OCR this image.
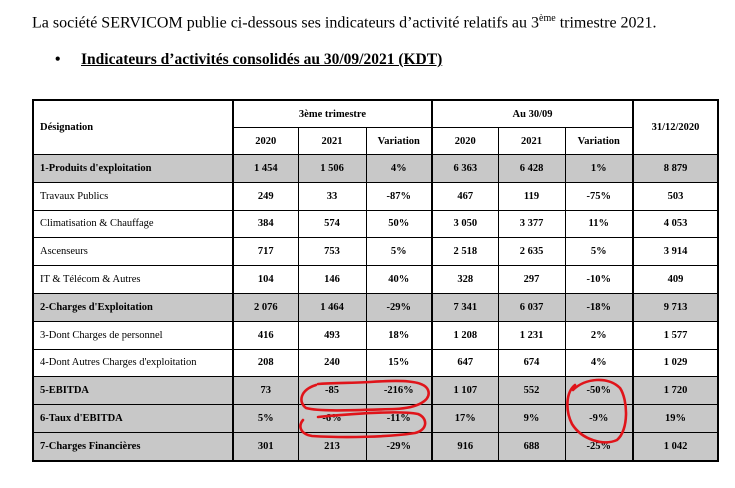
La société SERVICOM publie ci-dessous ses indicateurs d’activité relatifs au 3ème trimestre 2021.
• Indicateurs d’activités consolidés au 30/09/2021 (KDT)
Désignation	3ème trimestre			Au 30/09			31/12/2020
	2020	2021	Variation	2020	2021	Variation	
1-Produits d'exploitation	1 454	1 506	4%	6 363	6 428	1%	8 879
Travaux Publics	249	33	-87%	467	119	-75%	503
Climatisation & Chauffage	384	574	50%	3 050	3 377	11%	4 053
Ascenseurs	717	753	5%	2 518	2 635	5%	3 914
IT & Télécom & Autres	104	146	40%	328	297	-10%	409
2-Charges d'Exploitation	2 076	1 464	-29%	7 341	6 037	-18%	9 713
3-Dont Charges de personnel	416	493	18%	1 208	1 231	2%	1 577
4-Dont Autres Charges d'exploitation	208	240	15%	647	674	4%	1 029
5-EBITDA	73	-85	-216%	1 107	552	-50%	1 720
6-Taux d'EBITDA	5%	-6%	-11%	17%	9%	-9%	19%
7-Charges Financières	301	213	-29%	916	688	-25%	1 042
